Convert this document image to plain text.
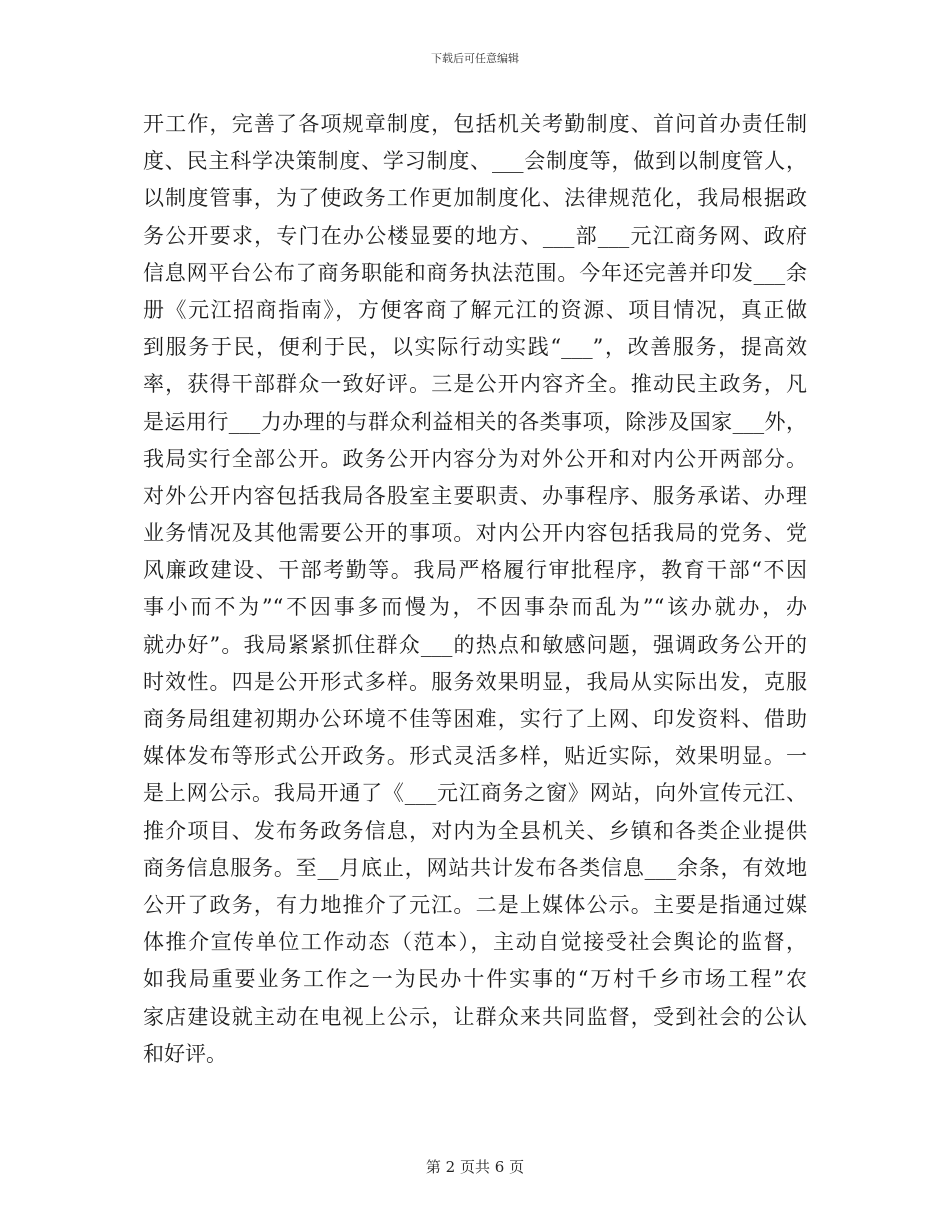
下载后可任意编辑
开工作，完善了各项规章制度，包括机关考勤制度、首问首办责任制
度、民主科学决策制度、学习制度、___会制度等，做到以制度管人，
以制度管事，为了使政务工作更加制度化、法律规范化，我局根据政
务公开要求，专门在办公楼显要的地方、___部___元江商务网、政府
信息网平台公布了商务职能和商务执法范围。今年还完善并印发___余
册《元江招商指南》，方便客商了解元江的资源、项目情况，真正做
到服务于民，便利于民，以实际行动实践“___”，改善服务，提高效
率，获得干部群众一致好评。三是公开内容齐全。推动民主政务，凡
是运用行___力办理的与群众利益相关的各类事项，除涉及国家___外，
我局实行全部公开。政务公开内容分为对外公开和对内公开两部分。
对外公开内容包括我局各股室主要职责、办事程序、服务承诺、办理
业务情况及其他需要公开的事项。对内公开内容包括我局的党务、党
风廉政建设、干部考勤等。我局严格履行审批程序，教育干部“不因
事小而不为”“不因事多而慢为，不因事杂而乱为”“该办就办，办
就办好”。我局紧紧抓住群众___的热点和敏感问题，强调政务公开的
时效性。四是公开形式多样。服务效果明显，我局从实际出发，克服
商务局组建初期办公环境不佳等困难，实行了上网、印发资料、借助
媒体发布等形式公开政务。形式灵活多样，贴近实际，效果明显。一
是上网公示。我局开通了《___元江商务之窗》网站，向外宣传元江、
推介项目、发布务政务信息，对内为全县机关、乡镇和各类企业提供
商务信息服务。至__月底止，网站共计发布各类信息___余条，有效地
公开了政务，有力地推介了元江。二是上媒体公示。主要是指通过媒
体推介宣传单位工作动态（范本），主动自觉接受社会舆论的监督，
如我局重要业务工作之一为民办十件实事的“万村千乡市场工程”农
家店建设就主动在电视上公示，让群众来共同监督，受到社会的公认
和好评。
第 2 页共 6 页
